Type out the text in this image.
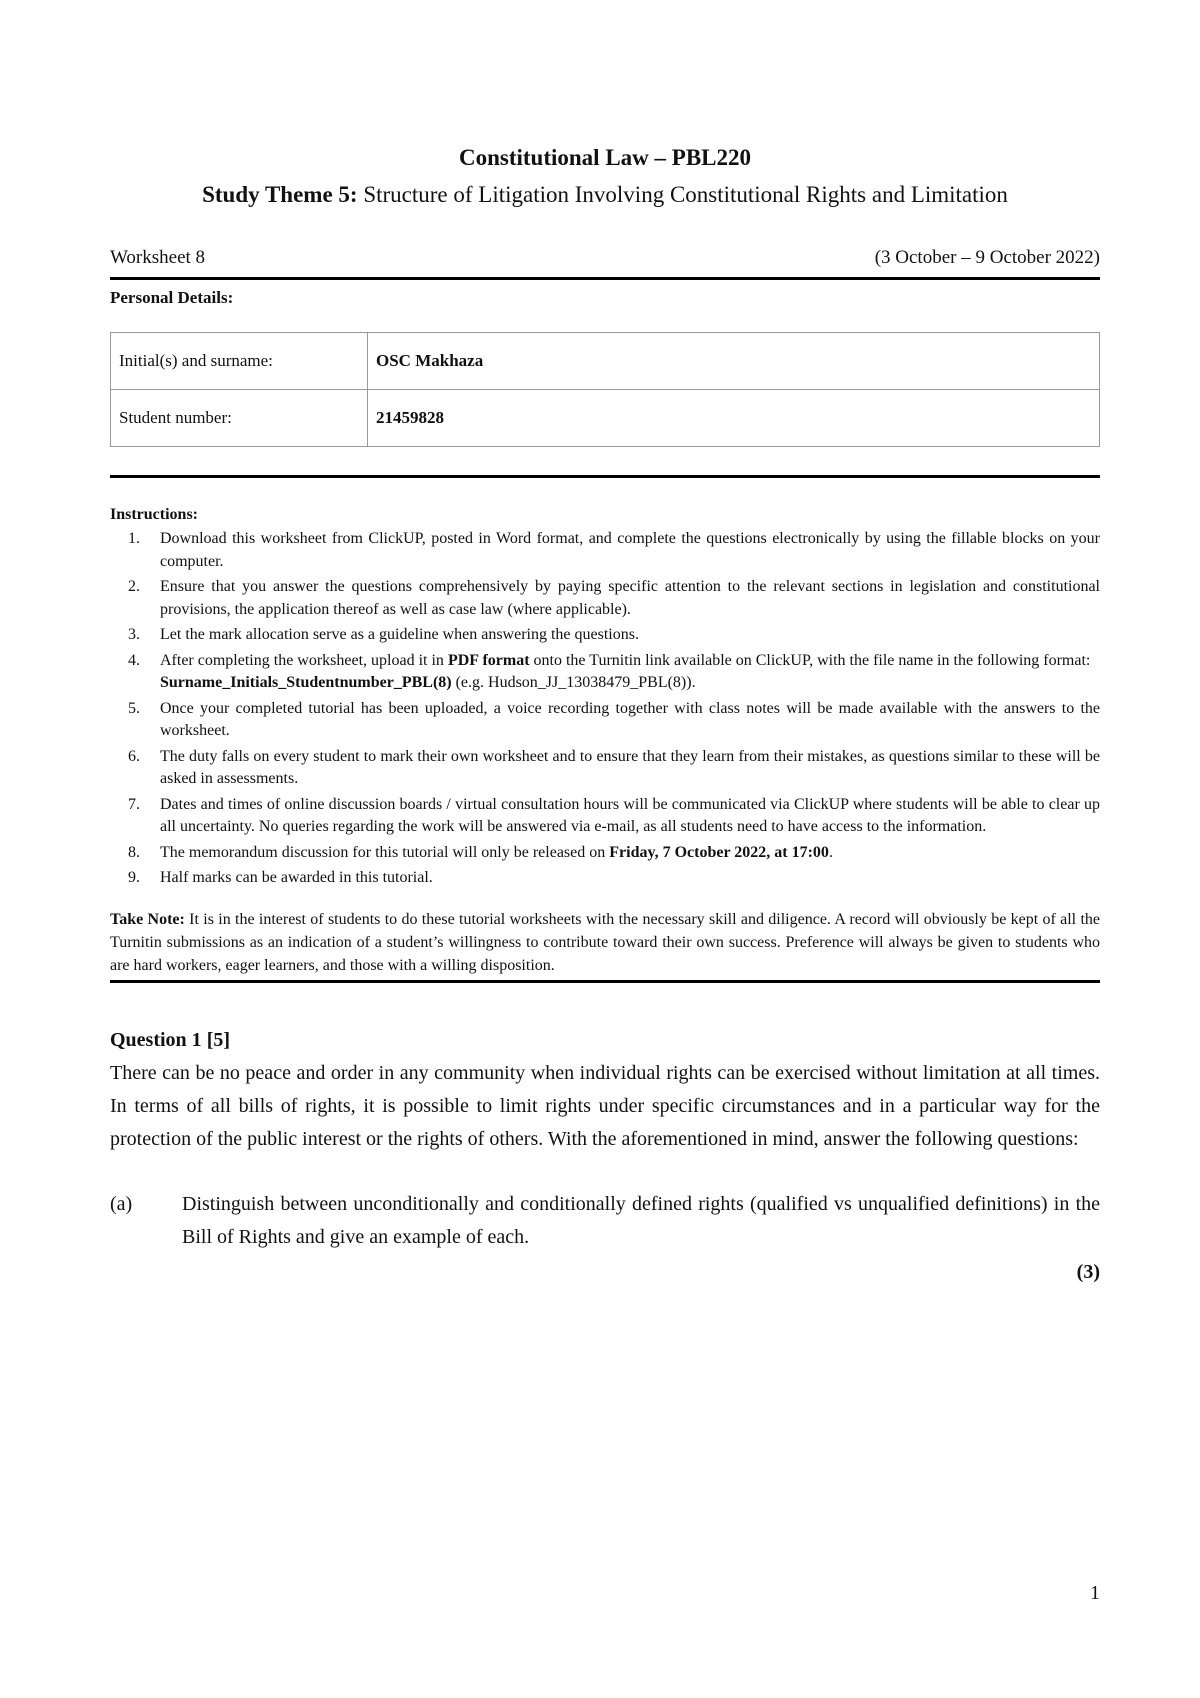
Constitutional Law – PBL220

Study Theme 5: Structure of Litigation Involving Constitutional Rights and Limitation

Worksheet 8	(3 October – 9 October 2022)
Personal Details:
Initial(s) and surname:	OSC Makhaza
Student number:	21459828
Instructions:
1.	Download this worksheet from ClickUP, posted in Word format, and complete the questions electronically by using the fillable blocks on your computer.
2.	Ensure that you answer the questions comprehensively by paying specific attention to the relevant sections in legislation and constitutional provisions, the application thereof as well as case law (where applicable).
3.	Let the mark allocation serve as a guideline when answering the questions.
4.	After completing the worksheet, upload it in PDF format onto the Turnitin link available on ClickUP, with the file name in the following format:
Surname_Initials_Studentnumber_PBL(8) (e.g. Hudson_JJ_13038479_PBL(8)).
5.	Once your completed tutorial has been uploaded, a voice recording together with class notes will be made available with the answers to the worksheet.
6.	The duty falls on every student to mark their own worksheet and to ensure that they learn from their mistakes, as questions similar to these will be asked in assessments.
7.	Dates and times of online discussion boards / virtual consultation hours will be communicated via ClickUP where students will be able to clear up all uncertainty. No queries regarding the work will be answered via e-mail, as all students need to have access to the information.
8.	The memorandum discussion for this tutorial will only be released on Friday, 7 October 2022, at 17:00.
9.	Half marks can be awarded in this tutorial.
Take Note: It is in the interest of students to do these tutorial worksheets with the necessary skill and diligence. A record will obviously be kept of all the Turnitin submissions as an indication of a student’s willingness to contribute toward their own success. Preference will always be given to students who are hard workers, eager learners, and those with a willing disposition.
Question 1 [5]
There can be no peace and order in any community when individual rights can be exercised without limitation at all times. In terms of all bills of rights, it is possible to limit rights under specific circumstances and in a particular way for the protection of the public interest or the rights of others. With the aforementioned in mind, answer the following questions:
(a)	Distinguish between unconditionally and conditionally defined rights (qualified vs unqualified definitions) in the Bill of Rights and give an example of each.
(3)
1
